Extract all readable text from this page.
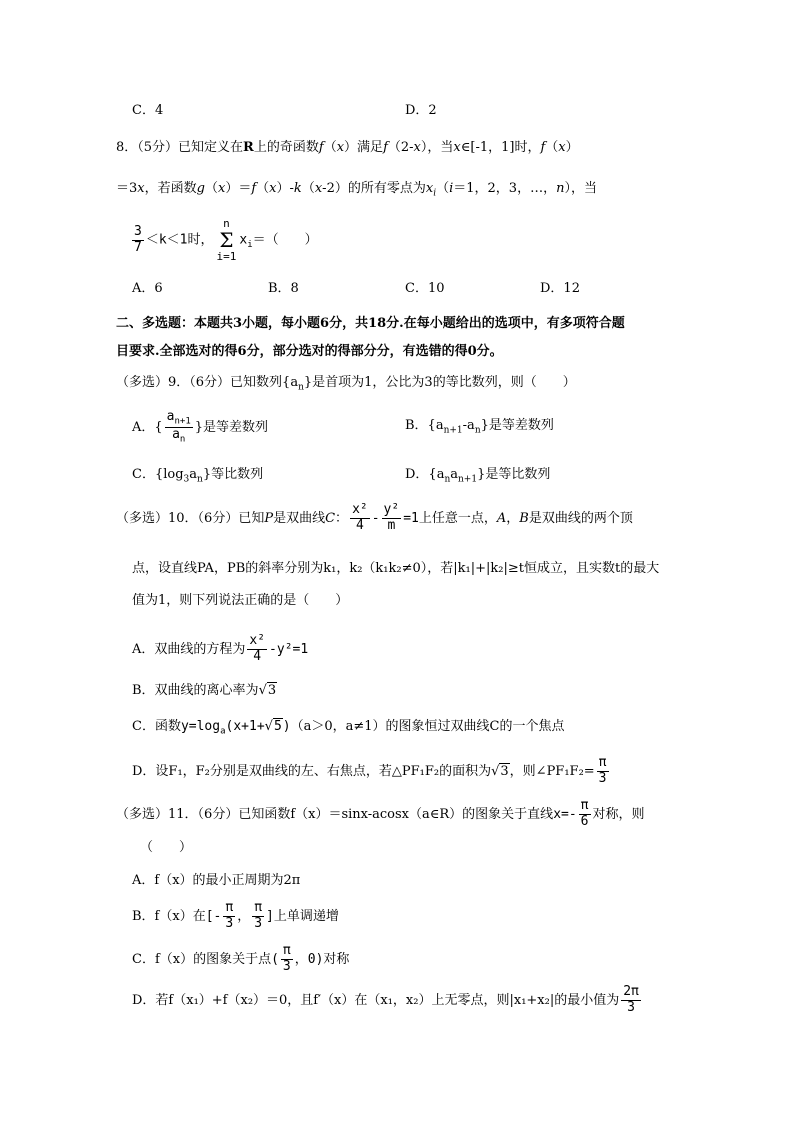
C．4	D．2
8．（5分）已知定义在R上的奇函数f（x）满足f（2-x），当x∈[-1，1]时，f（x）
＝3x，若函数g（x）＝f（x）-k（x-2）的所有零点为$x_i(i=1$，2，3，…，n），当
$\frac{3}{7} <k<1$时，
n
Σ
i=1
$x_i=$（　　）
A．6	B．8	C．10	D．12
二、多选题：本题共3小题，每小题6分，共18分.在每小题给出的选项中，有多项符合题
目要求.全部选对的得6分，部分选对的得部分分，有选错的得0分。
（多选）9．（6分）已知数列$\{a_n\}$是首项为1，公比为3的等比数列，则（　　）
A．{ $\frac{a_{n+1}}{a_n}$ }是等差数列	B．$\{a_{n+1}-a_n\}$是等差数列
C．$\{\log_3a_n\}$等比数列	D．$\{a_na_{n+1}\}$是等比数列
（多选）10．（6分）已知P是双曲线C： $\frac{\text{x²}}{4} - \frac{\text{y²}}{m} =1$上任意一点，A，B是双曲线的两个顶
点，设直线PA，PB的斜率分别为k₁，k₂（k₁k₂≠0），若|k₁|+|k₂|≥t恒成立，且实数t的最大
值为1，则下列说法正确的是（　　）
A．双曲线的方程为 $\frac{\text{x²}}{4} -y^2=1$
B．双曲线的离心率为√3
C．函数$y=\log_a(x+1+√5)(a>0$，a≠1）的图象恒过双曲线C的一个焦点
D．设F₁，F₂分别是双曲线的左、右焦点，若△PF₁F₂的面积为√3，则∠PF₁F₂= $\frac{\pi}{3}$
（多选）11．（6分）已知函数f（x）＝sinx-acosx（a∈R）的图象关于直线$x=- \frac{\pi}{6}$ 对称，则
（　　）
A．f（x）的最小正周期为2π
B．f（x）在[- $\frac{\pi}{3}$ ， $\frac{\pi}{3}$ ]上单调递增
C．f（x）的图象关于点( $\frac{\pi}{3}$ ，0)对称
D．若f（x₁）+f（x₂）＝0，且f′（x）在（x₁，x₂）上无零点，则|x₁+x₂|的最小值为 $\frac{2\pi}{3}$
